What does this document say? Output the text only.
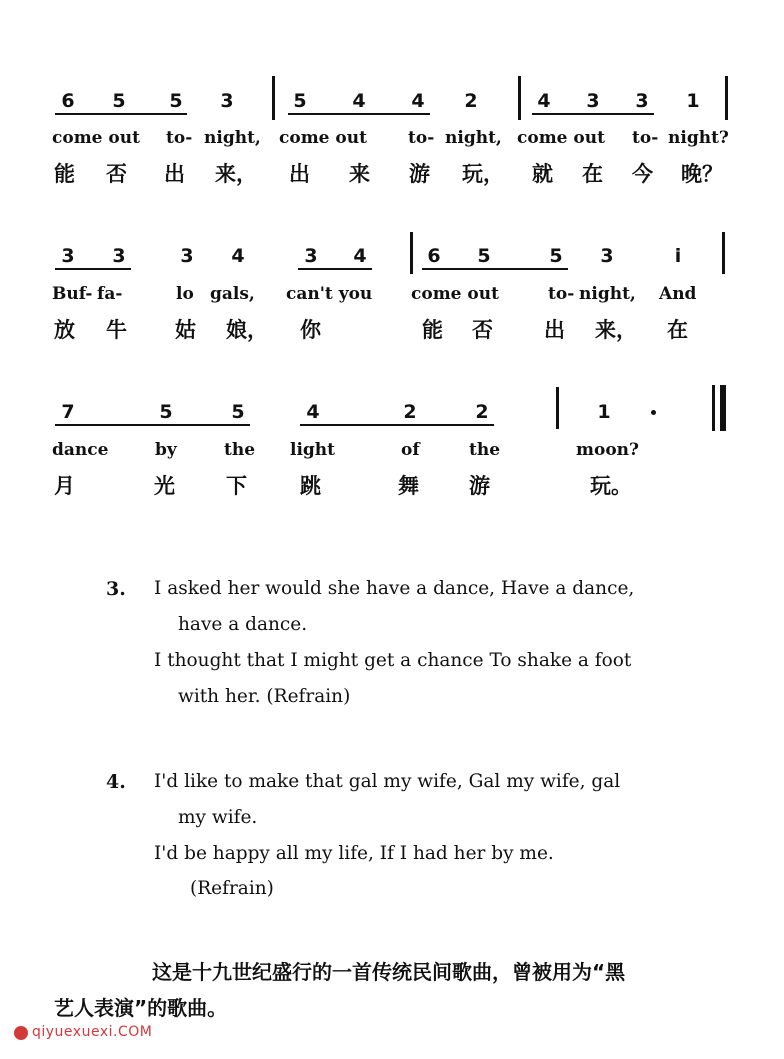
6 5 5 3	5 4 4 2	4 3 3 1
come out to- night, come out to- night, come out to- night?
能 否 出 来， 出 来 游 玩， 就 在 今 晚？
3 3	3 4	3 4	6 5	5 3	i
Buf- fa-	lo gals, can't you come out	to- night, And
放 牛 姑 娘， 你	能 否 出 来， 在
7	5	5	4	2	2	1
dance	by	the light	of	the	moon?
月	光 下	跳	舞 游	玩。
3. I asked her would she have a dance, Have a dance,
have a dance.
I thought that I might get a chance To shake a foot
with her. (Refrain)
4. I'd like to make that gal my wife, Gal my wife, gal
my wife.
I'd be happy all my life, If I had her by me.
(Refrain)
这是十九世纪盛行的一首传统民间歌曲，曾被用为“黑
艺人表演”的歌曲。
qiyuexuexi.COM
